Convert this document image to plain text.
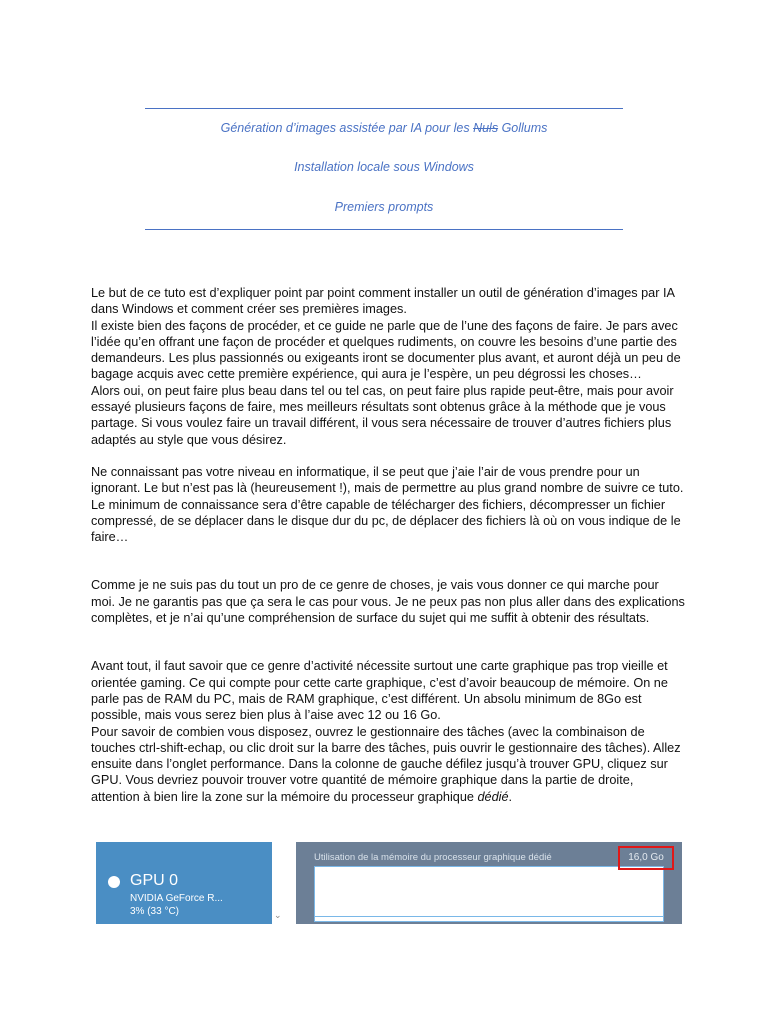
Génération d’images assistée par IA pour les Nuls Gollums
Installation locale sous Windows
Premiers prompts

Le but de ce tuto est d’expliquer point par point comment installer un outil de génération d’images par IA dans Windows et comment créer ses premières images.

Il existe bien des façons de procéder, et ce guide ne parle que de l’une des façons de faire. Je pars avec l’idée qu’en offrant une façon de procéder et quelques rudiments, on couvre les besoins d’une partie des demandeurs. Les plus passionnés ou exigeants iront se documenter plus avant, et auront déjà un peu de bagage acquis avec cette première expérience, qui aura je l’espère, un peu dégrossi les choses…

Alors oui, on peut faire plus beau dans tel ou tel cas, on peut faire plus rapide peut-être, mais pour avoir essayé plusieurs façons de faire, mes meilleurs résultats sont obtenus grâce à la méthode que je vous partage. Si vous voulez faire un travail différent, il vous sera nécessaire de trouver d’autres fichiers plus adaptés au style que vous désirez.

Ne connaissant pas votre niveau en informatique, il se peut que j’aie l’air de vous prendre pour un ignorant. Le but n’est pas là (heureusement !), mais de permettre au plus grand nombre de suivre ce tuto. Le minimum de connaissance sera d’être capable de télécharger des fichiers, décompresser un fichier compressé, de se déplacer dans le disque dur du pc, de déplacer des fichiers là où on vous indique de le faire…

Comme je ne suis pas du tout un pro de ce genre de choses, je vais vous donner ce qui marche pour moi. Je ne garantis pas que ça sera le cas pour vous. Je ne peux pas non plus aller dans des explications complètes, et je n’ai qu’une compréhension de surface du sujet qui me suffit à obtenir des résultats.

Avant tout, il faut savoir que ce genre d’activité nécessite surtout une carte graphique pas trop vieille et orientée gaming. Ce qui compte pour cette carte graphique, c’est d’avoir beaucoup de mémoire. On ne parle pas de RAM du PC, mais de RAM graphique, c’est différent. Un absolu minimum de 8Go est possible, mais vous serez bien plus à l’aise avec 12 ou 16 Go.

Pour savoir de combien vous disposez, ouvrez le gestionnaire des tâches (avec la combinaison de touches ctrl-shift-echap, ou clic droit sur la barre des tâches, puis ouvrir le gestionnaire des tâches). Allez ensuite dans l’onglet performance. Dans la colonne de gauche défilez jusqu’à trouver GPU, cliquez sur GPU. Vous devriez pouvoir trouver votre quantité de mémoire graphique dans la partie de droite, attention à bien lire la zone sur la mémoire du processeur graphique dédié.

GPU 0
NVIDIA GeForce R...
3% (33 °C)	⌄
Utilisation de la mémoire du processeur graphique dédié	16,0 Go
